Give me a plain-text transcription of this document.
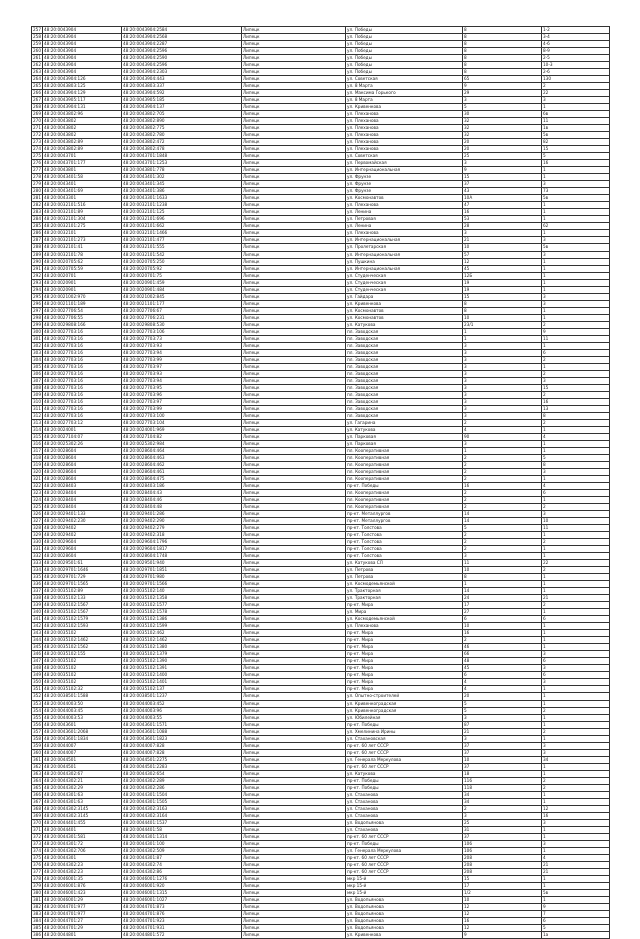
257	48:20:0043904	48:20:0043904:2584	Липецк	ул. Победы	8	1-2
258	48:20:0043904	48:20:0043904:2568	Липецк	ул. Победы	8	3-4
259	48:20:0043904	48:20:0043904:2287	Липецк	ул. Победы	8	4-6
260	48:20:0043904	48:20:0043904:2596	Липецк	ул. Победы	8	8-9
261	48:20:0043904	48:20:0043904:2590	Липецк	ул. Победы	8	2-5
262	48:20:0043904	48:20:0043904:2596	Липецк	ул. Победы	8	10-3
263	48:20:0043904	48:20:0043904:2303	Липецк	ул. Победы	8	2-6
264	48:20:0043904:126	48:20:0043904:443	Липецк	ул. Советская	65	130
265	48:20:0043803:125	48:20:0043803:337	Липецк	ул. 8 Марта	9	2
266	48:20:0043904:129	48:20:0043904:592	Липецк	ул. Максима Горького	29	22
267	48:20:0043905:117	48:20:0043905:185	Липецк	ул. 8 Марта	3	3
268	48:20:0043904:131	48:20:0043904:137	Липецк	ул. Кривенкова	5	1
269	48:20:0043802:96	48:20:0043802:705	Липецк	ул. Плеханова	30	6в
270	48:20:0043802	48:20:0043802:890	Липецк	ул. Плеханова	32	11
271	48:20:0043802	48:20:0043802:775	Липецк	ул. Плеханова	32	1в
272	48:20:0043802	48:20:0043802:780	Липецк	ул. Плеханова	32	5в
273	48:20:0043802:89	48:20:0043802:472	Липецк	ул. Плеханова	20	82
274	48:20:0043802:89	48:20:0043802:478	Липецк	ул. Плеханова	20	15
275	48:20:0043701	48:20:0043701:1848	Липецк	ул. Советская	25	5
276	48:20:0043701:177	48:20:0043701:1253	Липецк	ул. Первомайская	3	16
277	48:20:0043801	48:20:0043801:778	Липецк	ул. Интернациональная	9	1
278	48:20:0043401:58	48:20:0043401:302	Липецк	ул. Фрунзе	15	1
279	48:20:0043401	48:20:0043401:345	Липецк	ул. Фрунзе	37	3
280	48:20:0043401:69	48:20:0043401:386	Липецк	ул. Фрунзе	43	73
281	48:20:0043301	48:20:0043301:1633	Липецк	ул. Космонавтов	10А	5в
282	48:20:0032101:516	48:20:0032101:1238	Липецк	ул. Плеханова	47	1
283	48:20:0032101:89	48:20:0032101:125	Липецк	ул. Ленина	16	1
284	48:20:0032101:304	48:20:0032101:696	Липецк	ул. Петровая	53	1
285	48:20:0032101:275	48:20:0032101:662	Липецк	ул. Ленина	28	62
286	48:20:0032101	48:20:0032101:1466	Липецк	ул. Плеханова	3	1
287	48:20:0032101:273	48:20:0032101:477	Липецк	ул. Интернациональная	21	3
288	48:20:0032101:41	48:20:0032101:555	Липецк	ул. Пролетарская	10	5в
289	48:20:0032101:78	48:20:0032101:542	Липецк	ул. Интернациональная	57	3
290	48:20:0020705:62	48:20:0020705:250	Липецк	ул. Пушкина	12	1
291	48:20:0020705:59	48:20:0020705:92	Липецк	ул. Интернациональная	45	1
292	48:20:0020701	48:20:0020701:75	Липецк	ул. Студенческая	12Б	1
293	48:20:0020901	48:20:0020901:459	Липецк	ул. Студенческая	19	1
294	48:20:0020901	48:20:0020901:484	Липецк	ул. Студенческая	19	1
295	48:20:0021002:970	48:20:0021002:845	Липецк	ул. Гайдара	15	3
296	48:20:0021101:189	48:20:0021101:177	Липецк	ул. Кривенкова	8	3
297	48:20:0027706:54	48:20:0027706:67	Липецк	ул. Космонавтов	8	1
298	48:20:0027706:55	48:20:0027706:231	Липецк	ул. Космонавтов	10	1
299	48:20:0029808:166	48:20:0029808:530	Липецк	ул. Катукова	23/1	2
300	48:20:0027703:16	48:20:0027703:106	Липецк	пл. Заводская	1	9
301	48:20:0027703:16	48:20:0027703:73	Липецк	пл. Заводская	1	11
302	48:20:0027703:16	48:20:0027703:93	Липецк	пл. Заводская	3	1
303	48:20:0027703:16	48:20:0027703:94	Липецк	пл. Заводская	3	6
304	48:20:0027703:16	48:20:0027703:99	Липецк	пл. Заводская	3	2
305	48:20:0027703:16	48:20:0027703:97	Липецк	пл. Заводская	3	1
306	48:20:0027703:16	48:20:0027703:93	Липецк	пл. Заводская	3	2
307	48:20:0027703:16	48:20:0027703:94	Липецк	пл. Заводская	3	3
308	48:20:0027703:16	48:20:0027703:95	Липецк	пл. Заводская	3	15
309	48:20:0027703:16	48:20:0027703:96	Липецк	пл. Заводская	3	2
310	48:20:0027703:16	48:20:0027703:97	Липецк	пл. Заводская	3	16
311	48:20:0027703:16	48:20:0027703:99	Липецк	пл. Заводская	3	13
312	48:20:0027703:16	48:20:0027703:100	Липецк	пл. Заводская	3	8
313	48:20:0027703:12	48:20:0027703:104	Липецк	ул. Гагарина	2	2
314	48:20:0024001	48:20:0024001:969	Липецк	ул. Катукова	4	1
315	48:20:0027104:07	48:20:0027104:82	Липецк	ул. Парковая	90	4
316	48:20:0025302:26	48:20:0025302:984	Липецк	ул. Парковая	3	1
317	48:20:0028604	48:20:0028604:464	Липецк	пл. Кооперативная	1	1
318	48:20:0028604	48:20:0028604:463	Липецк	пл. Кооперативная	2	5
319	48:20:0028604	48:20:0028604:462	Липецк	пл. Кооперативная	2	8
320	48:20:0028604	48:20:0028604:461	Липецк	пл. Кооперативная	2	3
321	48:20:0028604	48:20:0028604:475	Липецк	пл. Кооперативная	2	1
322	48:20:0028403	48:20:0028403:186	Липецк	пр-кт. Победы	16	4
323	48:20:0028404	48:20:0028404:43	Липецк	пл. Кооперативная	2	6
324	48:20:0028404	48:20:0028404:46	Липецк	пл. Кооперативная	2	1
325	48:20:0028404	48:20:0028404:48	Липецк	пл. Кооперативная	2	2
326	48:20:0029401:133	48:20:0029401:286	Липецк	пр-кт. Металлургов	14	3
327	48:20:0029402:230	48:20:0029402:290	Липецк	пр-кт. Металлургов	14	10
328	48:20:0029402	48:20:0029402:279	Липецк	пр-кт. Толстова	5	11
329	48:20:0029402	48:20:0029402:318	Липецк	пр-кт. Толстова	2	1
330	48:20:0029604	48:20:0029604:1796	Липецк	пр-кт. Толстова	2	2
331	48:20:0029604	48:20:0029604:1817	Липецк	пр-кт. Толстова	2	1
332	48:20:0028604	48:20:0028604:1748	Липецк	пр-кт. Толстова	3	1
333	48:20:0029501:61	48:20:0029501:940	Липецк	ул. Катукова СЛ	11	22
334	48:20:0029701:1646	48:20:0029701:1851	Липецк	ул. Петрова	10	2
335	48:20:0029701:729	48:20:0029701:980	Липецк	ул. Петрова	8	1
336	48:20:0029701:1565	48:20:0029701:1566	Липецк	ул. Космодемьянской	1	1
337	48:20:0035102:89	48:20:0035102:140	Липецк	ул. Тракторная	14	1
338	48:20:0035102:133	48:20:0035102:1358	Липецк	ул. Тракторная	24	21
339	48:20:0035102:1567	48:20:0035102:1577	Липецк	пр-кт. Мира	17	2
340	48:20:0035102:1567	48:20:0035102:1578	Липецк	ул. Мира	27	1
341	48:20:0035102:1579	48:20:0035102:1386	Липецк	ул. Космодемьянской	6	6
342	48:20:0035102:1593	48:20:0035102:1599	Липецк	ул. Плеханова	10	1
343	48:20:0035102	48:20:0035102:462	Липецк	пр-кт. Мира	16	1
344	48:20:0035102:1462	48:20:0035102:1462	Липецк	пр-кт. Мира	2	1
345	48:20:0035102:1562	48:20:0035102:1380	Липецк	пр-кт. Мира	46	1
346	48:20:0035102:155	48:20:0035102:1379	Липецк	пр-кт. Мира	66	3
347	48:20:0035102	48:20:0035102:1390	Липецк	пр-кт. Мира	48	6
348	48:20:0035102	48:20:0035102:1391	Липецк	пр-кт. Мира	45	3
349	48:20:0035102	48:20:0035102:1400	Липецк	пр-кт. Мира	6	6
350	48:20:0035102	48:20:0035102:1401	Липецк	пр-кт. Мира	4	3
351	48:20:0035102:32	48:20:0035102:137	Липецк	пр-кт. Мира	4	1
352	48:20:0038501:1588	48:20:0038501:1237	Липецк	ул. Опытно-строителей	20	1
353	48:20:0044003:50	48:20:0044003:452	Липецк	ул. Кривенкоградская	5	1
354	48:20:0044003:45	48:20:0044003:96	Липецк	ул. Кривенкоградская	5	2
355	48:20:0044003:53	48:20:0044003:55	Липецк	ул. Юбилейная	3	1
356	48:20:0043601	48:20:0043601:1571	Липецк	пр-кт. Победы	87	1
357	48:20:0043601:2068	48:20:0043601:1088	Липецк	ул. Хмелинина Ирины	21	2
358	48:20:0043601:1834	48:20:0043601:1823	Липецк	ул. Стахановская	3	1
359	48:20:0044007	48:20:0044007:828	Липецк	пр-кт. 60 лет СССР	37	3
360	48:20:0044007	48:20:0044007:828	Липецк	пр-кт. 60 лет СССР	37	3
361	48:20:0044501	48:20:0044501:2275	Липецк	ул. Генерала Меркулова	10	34
362	48:20:0044501	48:20:0044501:2283	Липецк	пр-кт. 60 лет СССР	37	1
363	48:20:0044302:67	48:20:0044302:654	Липецк	ул. Катукова	18	1
364	48:20:0044302:21	48:20:0044302:289	Липецк	пр-кт. Победы	116	2
365	48:20:0044302:29	48:20:0044302:286	Липецк	пр-кт. Победы	118	2
366	48:20:0044301:63	48:20:0044301:1504	Липецк	ул. Стаханова	34	1
367	48:20:0044301:63	48:20:0044301:1505	Липецк	ул. Стаханова	34	1
368	48:20:0044302:3145	48:20:0044302:3163	Липецк	ул. Стаханова	2	12
369	48:20:0044302:3145	48:20:0044302:3164	Липецк	ул. Стаханова	3	16
370	48:20:0044401:455	48:20:0044401:1537	Липецк	ул. Водопьянова	25	3
371	48:20:0044401	48:20:0044401:58	Липецк	ул. Стаханова	31	1
372	48:20:0044301:581	48:20:0044301:1314	Липецк	пр-кт. 60 лет СССР	37	1
373	48:20:0044301:72	48:20:0044301:100	Липецк	пр-кт. Победы	106	3
374	48:20:0044302:706	48:20:0044302:509	Липецк	ул. Генерала Меркулова	106	1
375	48:20:0044301	48:20:0044301:87	Липецк	пр-кт. 60 лет СССР	208	4
376	48:20:0044302:23	48:20:0044302:74	Липецк	пр-кт. 60 лет СССР	208	21
377	48:20:0044302:23	48:20:0044302:86	Липецк	пр-кт. 60 лет СССР	208	21
378	48:20:0046001:35	48:20:0046001:1276	Липецк	мкр 15-й	15	1
379	48:20:0046001:876	48:20:0046001:920	Липецк	мкр 15-й	17	1
380	48:20:0046001:423	48:20:0046001:1315	Липецк	мкр 15-й	1/2	5в
381	48:20:0046001:29	48:20:0046001:1027	Липецк	ул. Водопьянова	10	1
382	48:20:0044701:977	48:20:0044701:873	Липецк	ул. Водопьянова	12	9
383	48:20:0044701:977	48:20:0044701:876	Липецк	ул. Водопьянова	12	7
384	48:20:0044701:27	48:20:0044701:923	Липецк	ул. Водопьянова	16	6
385	48:20:0044701:29	48:20:0044701:931	Липецк	ул. Водопьянова	12	5
386	48:20:0044801	48:20:0044801:572	Липецк	ул. Кривенкова	9	1а
